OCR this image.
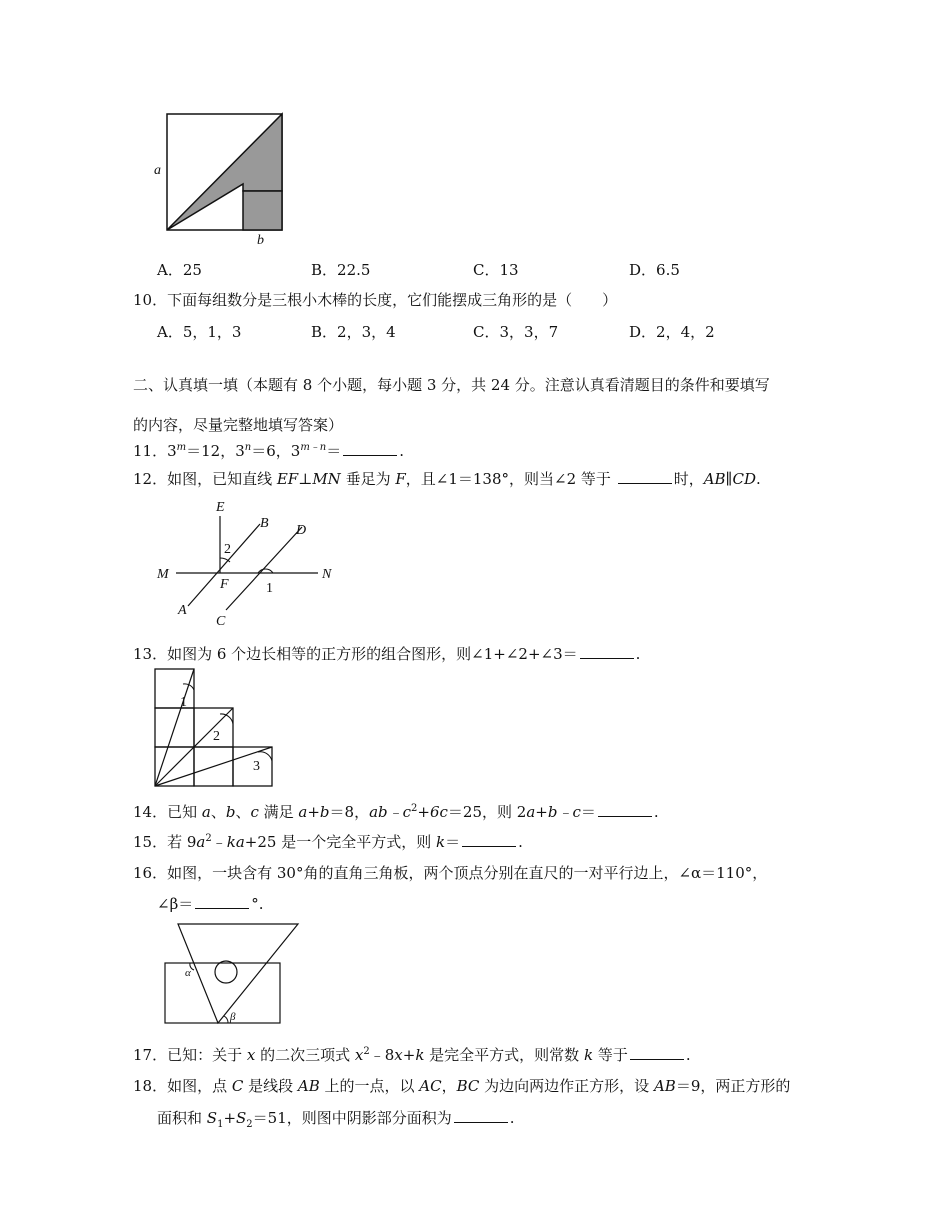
a
b
A．25	B．22.5	C．13	D．6.5
10．下面每组数分是三根小木棒的长度，它们能摆成三角形的是（　　）
A．5，1，3	B．2，3，4	C．3，3，7	D．2，4，2
二、认真填一填（本题有 8 个小题，每小题 3 分，共 24 分。注意认真看清题目的条件和要填写
的内容，尽量完整地填写答案）
11．$3^m=12$，$3^n=6$，$3^{m﹣n}=$	.
12．如图，已知直线 EF⊥MN 垂足为 F，且∠1＝138°，则当∠2 等于	时，AB∥CD.
E
B D
M
F
N
A
C
1
2
13．如图为 6 个边长相等的正方形的组合图形，则∠1+∠2+∠3＝	.
1
2
3
14．已知 a、b、c 满足 a+b＝8，$ab﹣c^2+6c=25$，则 2a+b﹣c＝	.
15．若 $9a^2﹣ka+25$ 是一个完全平方式，则 k＝	.
16．如图，一块含有 30°角的直角三角板，两个顶点分别在直尺的一对平行边上，∠α＝110°，
∠β＝	°.
α
β
17．已知：关于 x 的二次三项式 $x^2﹣8x+k$ 是完全平方式，则常数 k 等于	.
18．如图，点 C 是线段 AB 上的一点，以 AC，BC 为边向两边作正方形，设 AB＝9，两正方形的
面积和 $S_1+S_2=51$，则图中阴影部分面积为	.
